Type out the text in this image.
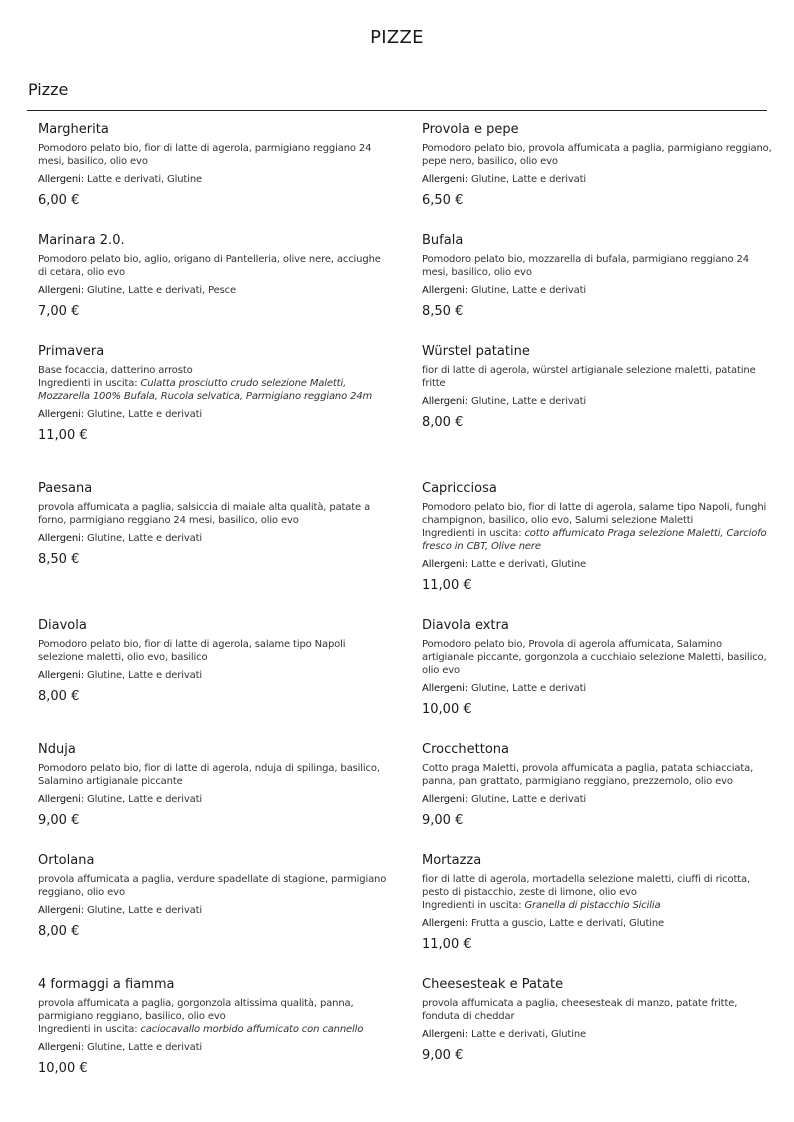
PIZZE
Pizze
Margherita
Pomodoro pelato bio, fior di latte di agerola, parmigiano reggiano 24 mesi, basilico, olio evo
Allergeni: Latte e derivati, Glutine
6,00 €
Provola e pepe
Pomodoro pelato bio, provola affumicata a paglia, parmigiano reggiano, pepe nero, basilico, olio evo
Allergeni: Glutine, Latte e derivati
6,50 €
Marinara 2.0.
Pomodoro pelato bio, aglio, origano di Pantelleria, olive nere, acciughe di cetara, olio evo
Allergeni: Glutine, Latte e derivati, Pesce
7,00 €
Bufala
Pomodoro pelato bio, mozzarella di bufala, parmigiano reggiano 24 mesi, basilico, olio evo
Allergeni: Glutine, Latte e derivati
8,50 €
Primavera
Base focaccia, datterino arrosto
Ingredienti in uscita: Culatta prosciutto crudo selezione Maletti, Mozzarella 100% Bufala, Rucola selvatica, Parmigiano reggiano 24m
Allergeni: Glutine, Latte e derivati
11,00 €
Würstel patatine
fior di latte di agerola, würstel artigianale selezione maletti, patatine fritte
Allergeni: Glutine, Latte e derivati
8,00 €
Paesana
provola affumicata a paglia, salsiccia di maiale alta qualità, patate a forno, parmigiano reggiano 24 mesi, basilico, olio evo
Allergeni: Glutine, Latte e derivati
8,50 €
Capricciosa
Pomodoro pelato bio, fior di latte di agerola, salame tipo Napoli, funghi champignon, basilico, olio evo, Salumi selezione Maletti
Ingredienti in uscita: cotto affumicato Praga selezione Maletti, Carciofo fresco in CBT, Olive nere
Allergeni: Latte e derivati, Glutine
11,00 €
Diavola
Pomodoro pelato bio, fior di latte di agerola, salame tipo Napoli selezione maletti, olio evo, basilico
Allergeni: Glutine, Latte e derivati
8,00 €
Diavola extra
Pomodoro pelato bio, Provola di agerola affumicata, Salamino artigianale piccante, gorgonzola a cucchiaio selezione Maletti, basilico, olio evo
Allergeni: Glutine, Latte e derivati
10,00 €
Nduja
Pomodoro pelato bio, fior di latte di agerola, nduja di spilinga, basilico, Salamino artigianale piccante
Allergeni: Glutine, Latte e derivati
9,00 €
Crocchettona
Cotto praga Maletti, provola affumicata a paglia, patata schiacciata, panna, pan grattato, parmigiano reggiano, prezzemolo, olio evo
Allergeni: Glutine, Latte e derivati
9,00 €
Ortolana
provola affumicata a paglia, verdure spadellate di stagione, parmigiano reggiano, olio evo
Allergeni: Glutine, Latte e derivati
8,00 €
Mortazza
fior di latte di agerola, mortadella selezione maletti, ciuffi di ricotta, pesto di pistacchio, zeste di limone, olio evo
Ingredienti in uscita: Granella di pistacchio Sicilia
Allergeni: Frutta a guscio, Latte e derivati, Glutine
11,00 €
4 formaggi a fiamma
provola affumicata a paglia, gorgonzola altissima qualità, panna, parmigiano reggiano, basilico, olio evo
Ingredienti in uscita: caciocavallo morbido affumicato con cannello
Allergeni: Glutine, Latte e derivati
10,00 €
Cheesesteak e Patate
provola affumicata a paglia, cheesesteak di manzo, patate fritte, fonduta di cheddar
Allergeni: Latte e derivati, Glutine
9,00 €
